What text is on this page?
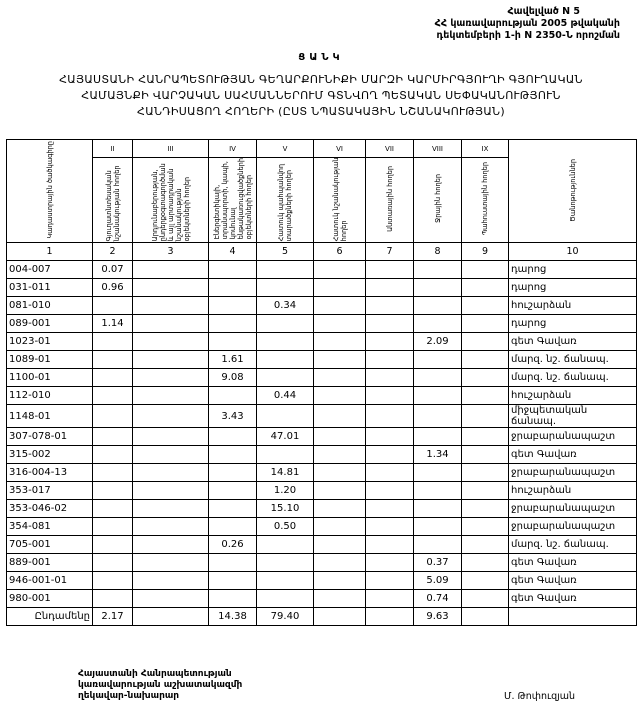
Հավելված N 5
ՀՀ կառավարության 2005 թվականի
դեկտեմբերի 1-ի N 2350-Ն որոշման
ՑԱՆԿ
ՀԱՅԱՍՏԱՆԻ ՀԱՆՐԱՊԵՏՈՒԹՅԱՆ ԳԵՂԱՐՔՈՒՆԻՔԻ ՄԱՐԶԻ ԿԱՐՄԻՐԳՅՈՒՂԻ ԳՅՈՒՂԱԿԱՆ
ՀԱՄԱՅՆՔԻ ՎԱՐՉԱԿԱՆ ՍԱՀՄԱՆՆԵՐՈՒՄ ԳՏՆՎՈՂ ՊԵՏԱԿԱՆ ՍԵՓԱԿԱՆՈՒԹՅՈՒՆ
ՀԱՆԴԻՍԱՑՈՂ ՀՈՂԵՐԻ (ԸՍՏ ՆՊԱՏԱԿԱՅԻՆ ՆՇԱՆԱԿՈՒԹՅԱՆ)
Կադաստրային ծածկագիրը	II	III	IV	V	VI	VII	VIII	IX	Ծանոթություններ
	Գյուղատնտեսական նշանակության հողեր	Արդյունաբերության, ընդերքօգտագործման և այլ արտադրական նշանակության օբյեկտների հողեր	Էներգետիկայի, տրանսպորտի, կապի, կոմունալ ենթակառուցվածքների օբյեկտների հողեր	Հատուկ պահպանվող տարածքների հողեր	Հատուկ նշանակության հողեր	Անտառային հողեր	Ջրային հողեր	Պահուստային հողեր	
1	2	3	4	5	6	7	8	9	10
004-007	0.07								դարոց
031-011	0.96								դարոց
081-010				0.34					հուշարձան
089-001	1.14								դարոց
1023-01							2.09		գետ Գավառ
1089-01			1.61						մարզ. նշ. ճանապ.
1100-01			9.08						մարզ. նշ. ճանապ.
112-010				0.44					հուշարձան
1148-01			3.43						միջպետական ճանապ.
307-078-01				47.01					ջրաբարանապաշտ
315-002							1.34		գետ Գավառ
316-004-13				14.81					ջրաբարանապաշտ
353-017				1.20					հուշարձան
353-046-02				15.10					ջրաբարանապաշտ
354-081				0.50					ջրաբարանապաշտ
705-001			0.26						մարզ. նշ. ճանապ.
889-001							0.37		գետ Գավառ
946-001-01							5.09		գետ Գավառ
980-001							0.74		գետ Գավառ
Ընդամենը	2.17		14.38	79.40			9.63		
Հայաստանի Հանրապետության
կառավարության աշխատակազմի
ղեկավար-նախարար	Մ. Թոփուզյան
